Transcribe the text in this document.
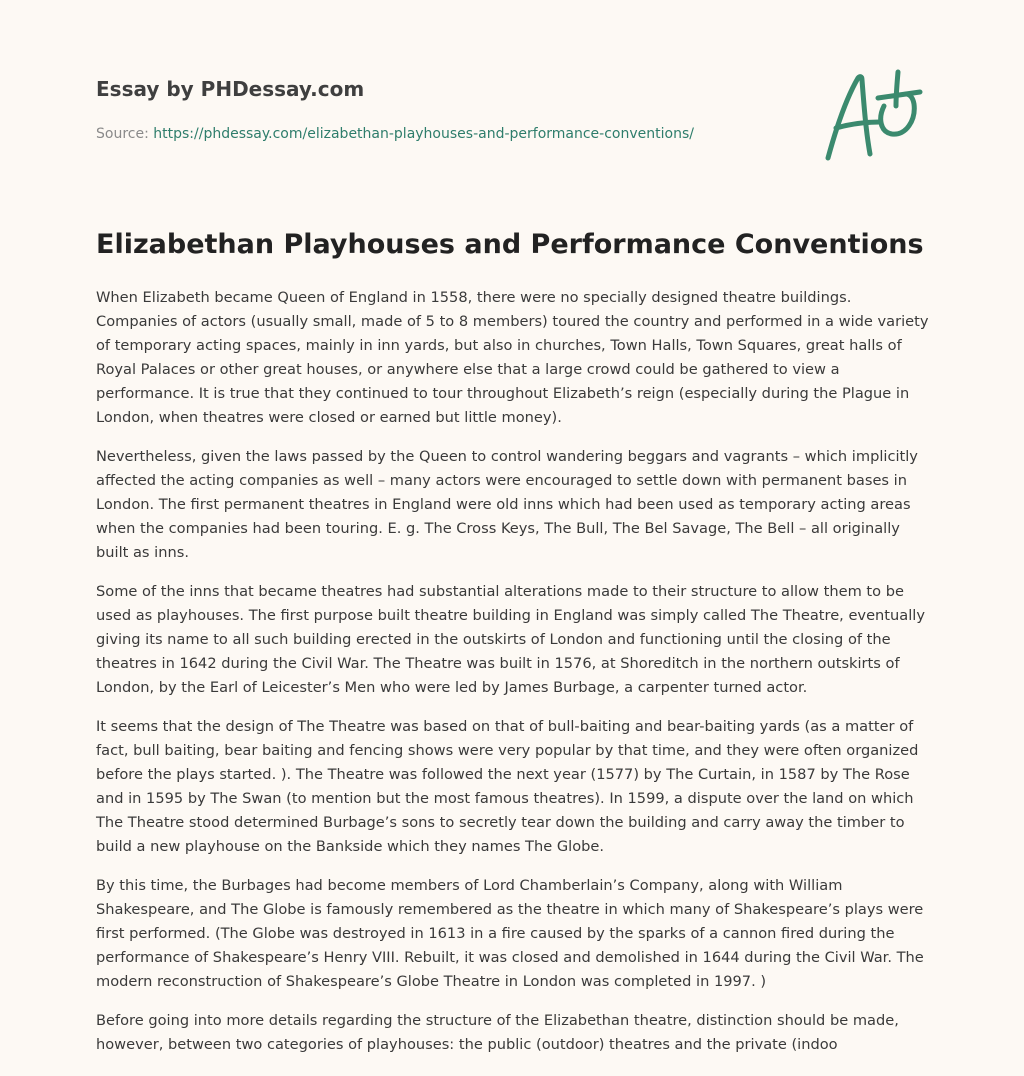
Essay by PHDessay.com
Source: https://phdessay.com/elizabethan-playhouses-and-performance-conventions/
Elizabethan Playhouses and Performance Conventions

When Elizabeth became Queen of England in 1558, there were no specially designed theatre buildings. Companies of actors (usually small, made of 5 to 8 members) toured the country and performed in a wide variety of temporary acting spaces, mainly in inn yards, but also in churches, Town Halls, Town Squares, great halls of Royal Palaces or other great houses, or anywhere else that a large crowd could be gathered to view a performance. It is true that they continued to tour throughout Elizabeth’s reign (especially during the Plague in London, when theatres were closed or earned but little money).

Nevertheless, given the laws passed by the Queen to control wandering beggars and vagrants – which implicitly affected the acting companies as well – many actors were encouraged to settle down with permanent bases in London. The first permanent theatres in England were old inns which had been used as temporary acting areas when the companies had been touring. E. g. The Cross Keys, The Bull, The Bel Savage, The Bell – all originally built as inns.

Some of the inns that became theatres had substantial alterations made to their structure to allow them to be used as playhouses. The first purpose built theatre building in England was simply called The Theatre, eventually giving its name to all such building erected in the outskirts of London and functioning until the closing of the theatres in 1642 during the Civil War. The Theatre was built in 1576, at Shoreditch in the northern outskirts of London, by the Earl of Leicester’s Men who were led by James Burbage, a carpenter turned actor.

It seems that the design of The Theatre was based on that of bull-baiting and bear-baiting yards (as a matter of fact, bull baiting, bear baiting and fencing shows were very popular by that time, and they were often organized before the plays started. ). The Theatre was followed the next year (1577) by The Curtain, in 1587 by The Rose and in 1595 by The Swan (to mention but the most famous theatres). In 1599, a dispute over the land on which The Theatre stood determined Burbage’s sons to secretly tear down the building and carry away the timber to build a new playhouse on the Bankside which they names The Globe.

By this time, the Burbages had become members of Lord Chamberlain’s Company, along with William Shakespeare, and The Globe is famously remembered as the theatre in which many of Shakespeare’s plays were first performed. (The Globe was destroyed in 1613 in a fire caused by the sparks of a cannon fired during the performance of Shakespeare’s Henry VIII. Rebuilt, it was closed and demolished in 1644 during the Civil War. The modern reconstruction of Shakespeare’s Globe Theatre in London was completed in 1997. )

Before going into more details regarding the structure of the Elizabethan theatre, distinction should be made, however, between two categories of playhouses: the public (outdoor) theatres and the private (indoo
